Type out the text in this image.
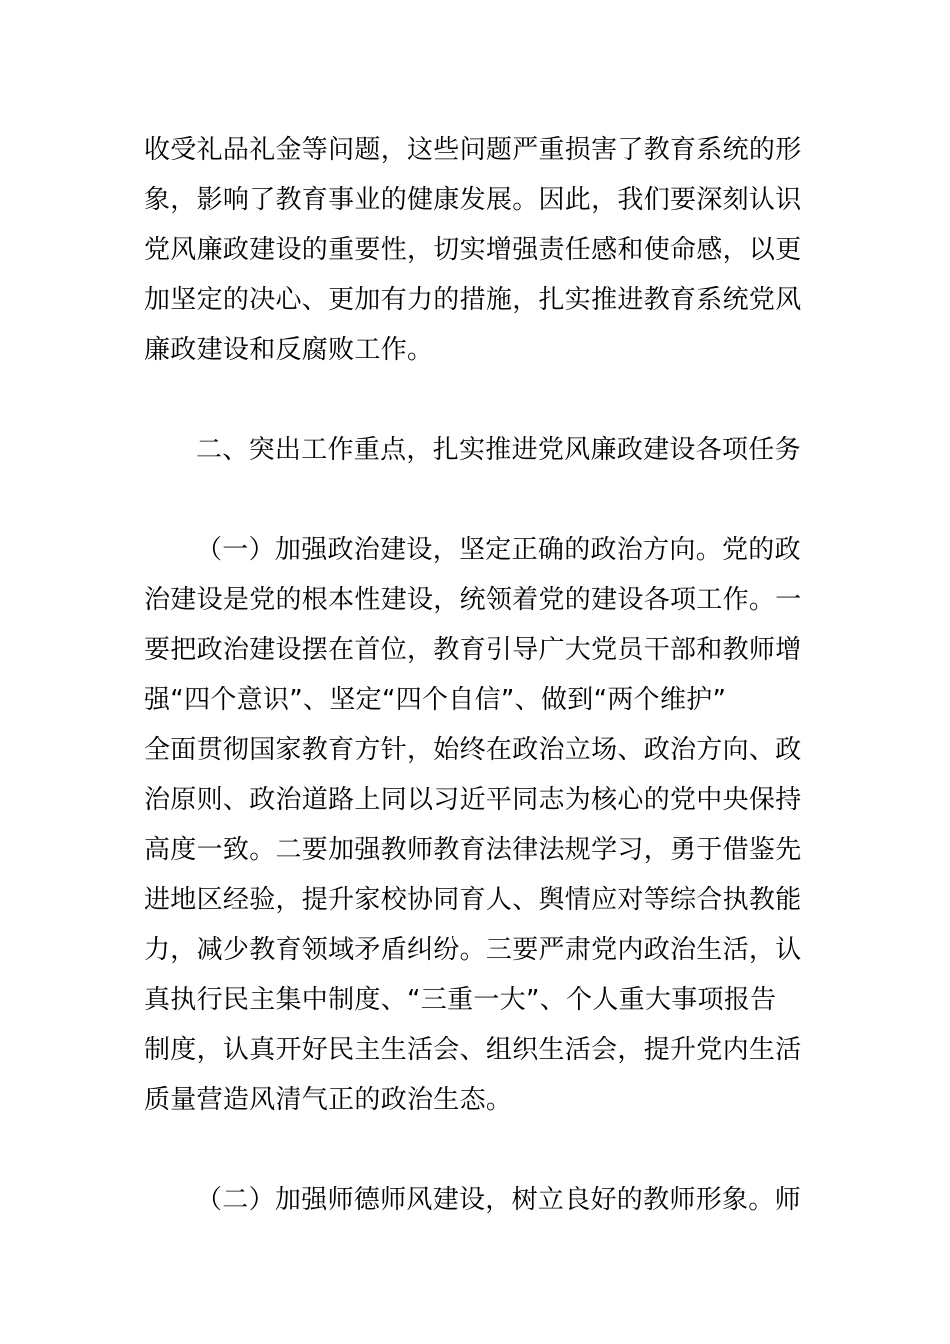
收受礼品礼金等问题，这些问题严重损害了教育系统的形
象，影响了教育事业的健康发展。因此，我们要深刻认识
党风廉政建设的重要性，切实增强责任感和使命感，以更
加坚定的决心、更加有力的措施，扎实推进教育系统党风
廉政建设和反腐败工作。
二、突出工作重点，扎实推进党风廉政建设各项任务
（一）加强政治建设，坚定正确的政治方向。党的政
治建设是党的根本性建设，统领着党的建设各项工作。一
要把政治建设摆在首位，教育引导广大党员干部和教师增
强“四个意识”、坚定“四个自信”、做到“两个维护”
全面贯彻国家教育方针，始终在政治立场、政治方向、政
治原则、政治道路上同以习近平同志为核心的党中央保持
高度一致。二要加强教师教育法律法规学习，勇于借鉴先
进地区经验，提升家校协同育人、舆情应对等综合执教能
力，减少教育领域矛盾纠纷。三要严肃党内政治生活，认
真执行民主集中制度、“三重一大”、个人重大事项报告
制度，认真开好民主生活会、组织生活会，提升党内生活
质量营造风清气正的政治生态。
（二）加强师德师风建设，树立良好的教师形象。师
